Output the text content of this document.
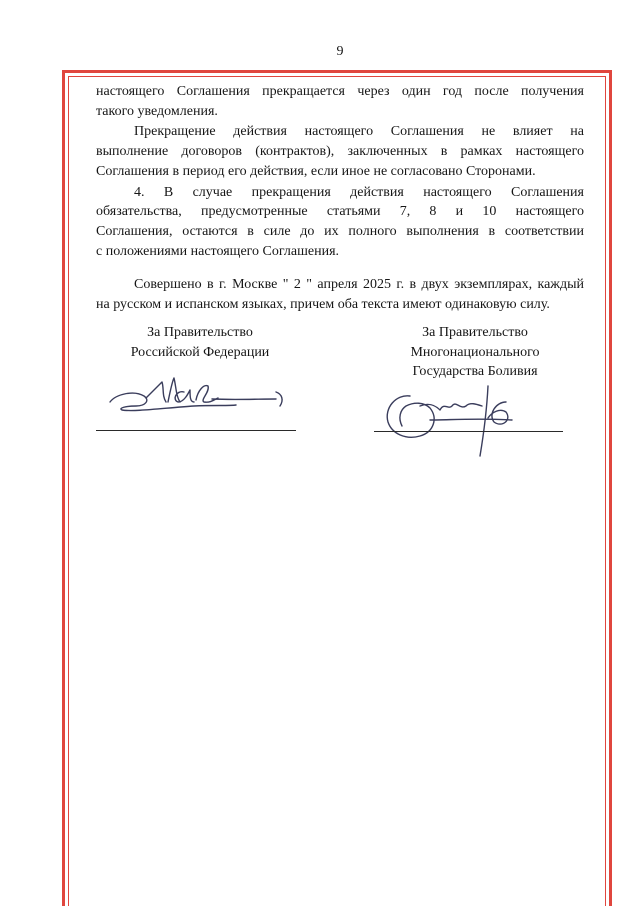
9
настоящего Соглашения прекращается через один год после получения
такого уведомления.
Прекращение действия настоящего Соглашения не влияет на
выполнение договоров (контрактов), заключенных в рамках настоящего
Соглашения в период его действия, если иное не согласовано Сторонами.
4. В случае прекращения действия настоящего Соглашения
обязательства, предусмотренные статьями 7, 8 и 10 настоящего
Соглашения, остаются в силе до их полного выполнения в соответствии
с положениями настоящего Соглашения.
Совершено в г. Москве " 2 " апреля 2025 г. в двух экземплярах, каждый
на русском и испанском языках, причем оба текста имеют одинаковую силу.
За Правительство
Российской Федерации
За Правительство
Многонационального
Государства Боливия
